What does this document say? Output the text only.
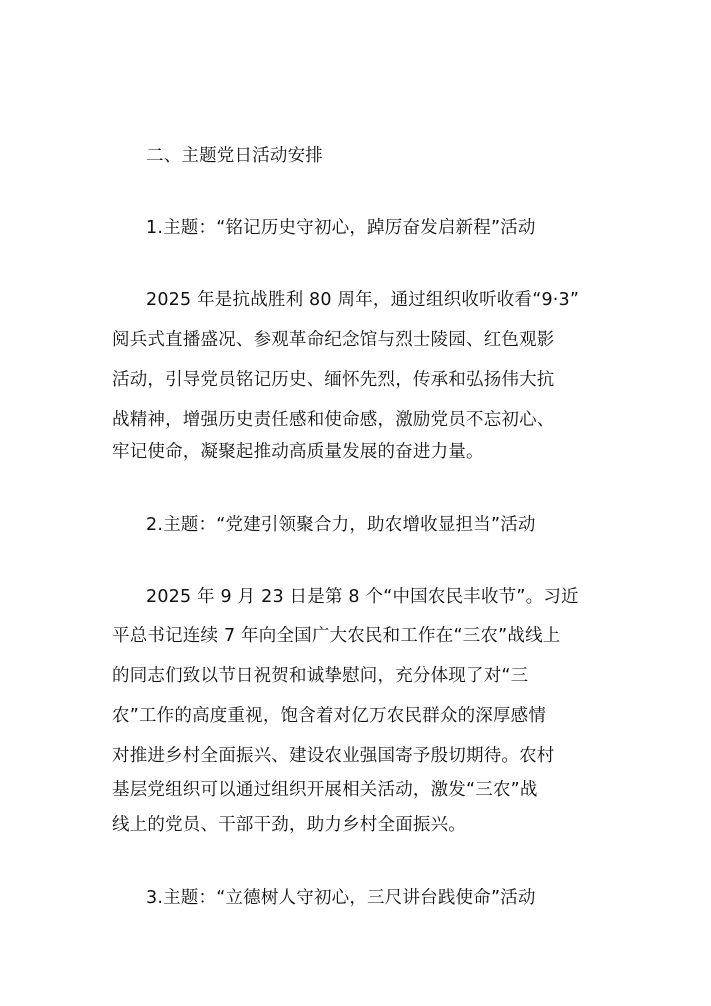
二、主题党日活动安排
1.主题：“铭记历史守初心，踔厉奋发启新程”活动
2025 年是抗战胜利 80 周年，通过组织收听收看“9·3”
阅兵式直播盛况、参观革命纪念馆与烈士陵园、红色观影
活动，引导党员铭记历史、缅怀先烈，传承和弘扬伟大抗
战精神，增强历史责任感和使命感，激励党员不忘初心、
牢记使命，凝聚起推动高质量发展的奋进力量。
2.主题：“党建引领聚合力，助农增收显担当”活动
2025 年 9 月 23 日是第 8 个“中国农民丰收节”。习近
平总书记连续 7 年向全国广大农民和工作在“三农”战线上
的同志们致以节日祝贺和诚挚慰问，充分体现了对“三
农”工作的高度重视，饱含着对亿万农民群众的深厚感情
对推进乡村全面振兴、建设农业强国寄予殷切期待。农村
基层党组织可以通过组织开展相关活动，激发“三农”战
线上的党员、干部干劲，助力乡村全面振兴。
3.主题：“立德树人守初心，三尺讲台践使命”活动
